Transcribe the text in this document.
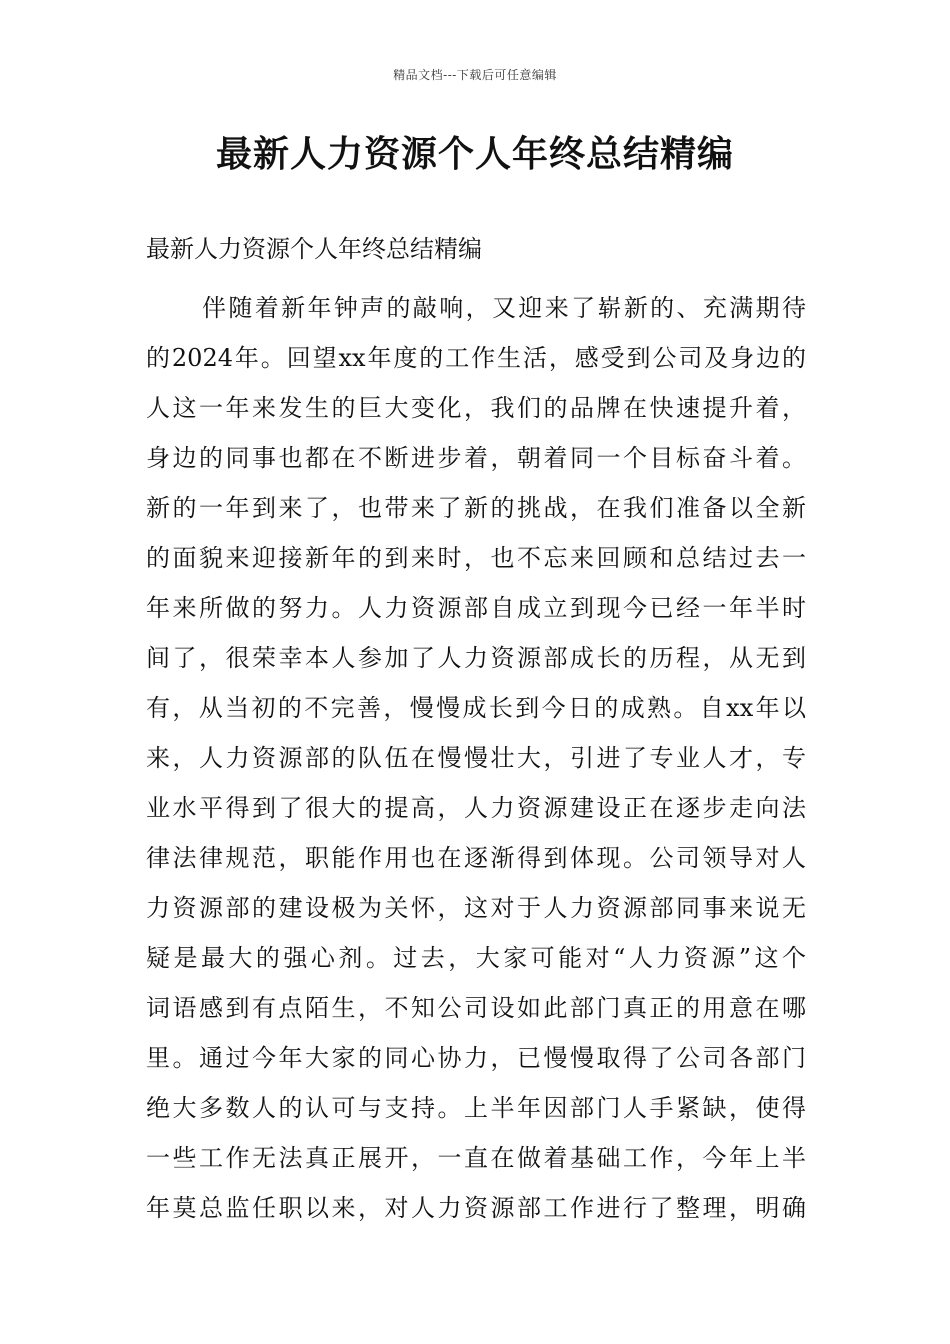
精品文档---下载后可任意编辑
最新人力资源个人年终总结精编
最新人力资源个人年终总结精编
伴随着新年钟声的敲响，又迎来了崭新的、充满期待
的2024年。回望xx年度的工作生活，感受到公司及身边的
人这一年来发生的巨大变化，我们的品牌在快速提升着，
身边的同事也都在不断进步着，朝着同一个目标奋斗着。
新的一年到来了，也带来了新的挑战，在我们准备以全新
的面貌来迎接新年的到来时，也不忘来回顾和总结过去一
年来所做的努力。人力资源部自成立到现今已经一年半时
间了，很荣幸本人参加了人力资源部成长的历程，从无到
有，从当初的不完善，慢慢成长到今日的成熟。自xx年以
来，人力资源部的队伍在慢慢壮大，引进了专业人才，专
业水平得到了很大的提高，人力资源建设正在逐步走向法
律法律规范，职能作用也在逐渐得到体现。公司领导对人
力资源部的建设极为关怀，这对于人力资源部同事来说无
疑是最大的强心剂。过去，大家可能对“人力资源”这个
词语感到有点陌生，不知公司设如此部门真正的用意在哪
里。通过今年大家的同心协力，已慢慢取得了公司各部门
绝大多数人的认可与支持。上半年因部门人手紧缺，使得
一些工作无法真正展开，一直在做着基础工作，今年上半
年莫总监任职以来，对人力资源部工作进行了整理，明确
